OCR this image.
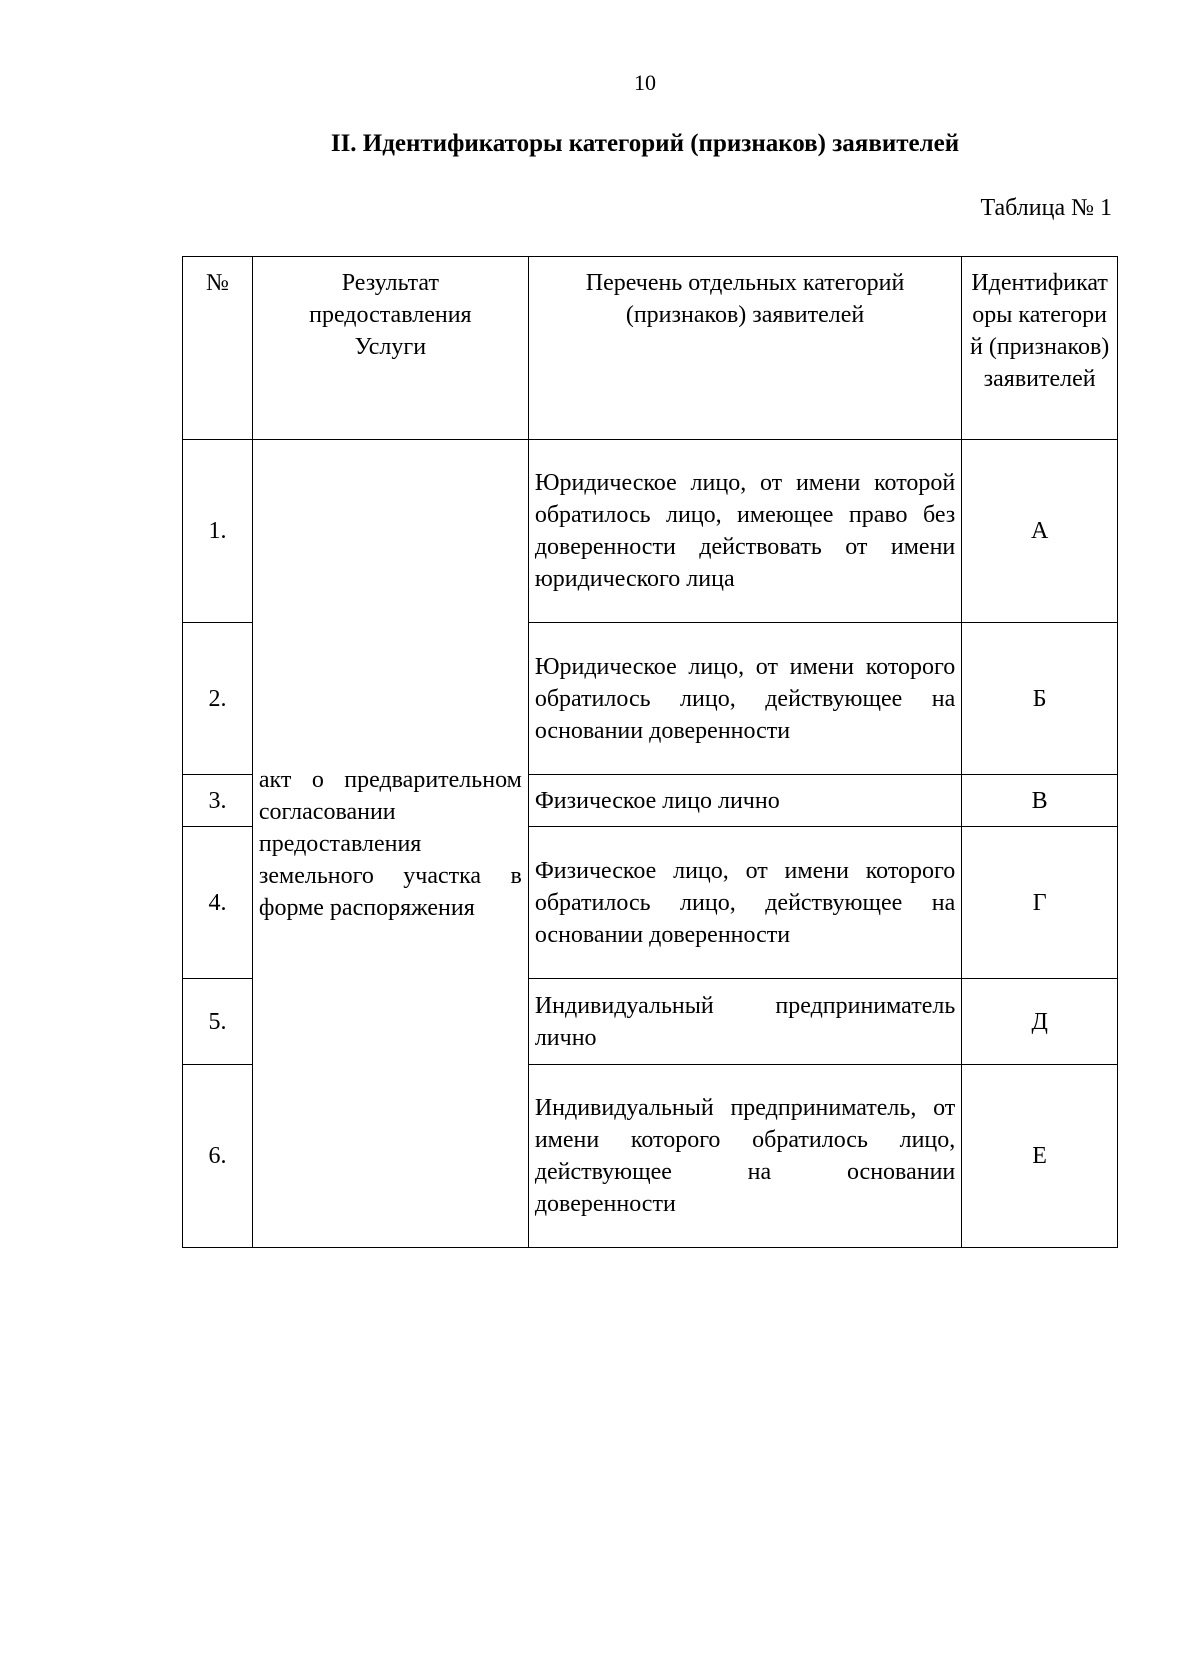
10
II. Идентификаторы категорий (признаков) заявителей
Таблица № 1
№	Результат предоставления Услуги	Перечень отдельных категорий (признаков) заявителей	Идентификаторы категорий (признаков) заявителей
1.	акт о предварительном согласовании предоставления земельного участка в форме распоряжения	Юридическое лицо, от имени которой обратилось лицо, имеющее право без доверенности действовать от имени юридического лица	А
2.		Юридическое лицо, от имени которого обратилось лицо, действующее на основании доверенности	Б
3.		Физическое лицо лично	В
4.		Физическое лицо, от имени которого обратилось лицо, действующее на основании доверенности	Г
5.		Индивидуальный предприниматель лично	Д
6.		Индивидуальный предприниматель, от имени которого обратилось лицо, действующее на основании доверенности	Е
